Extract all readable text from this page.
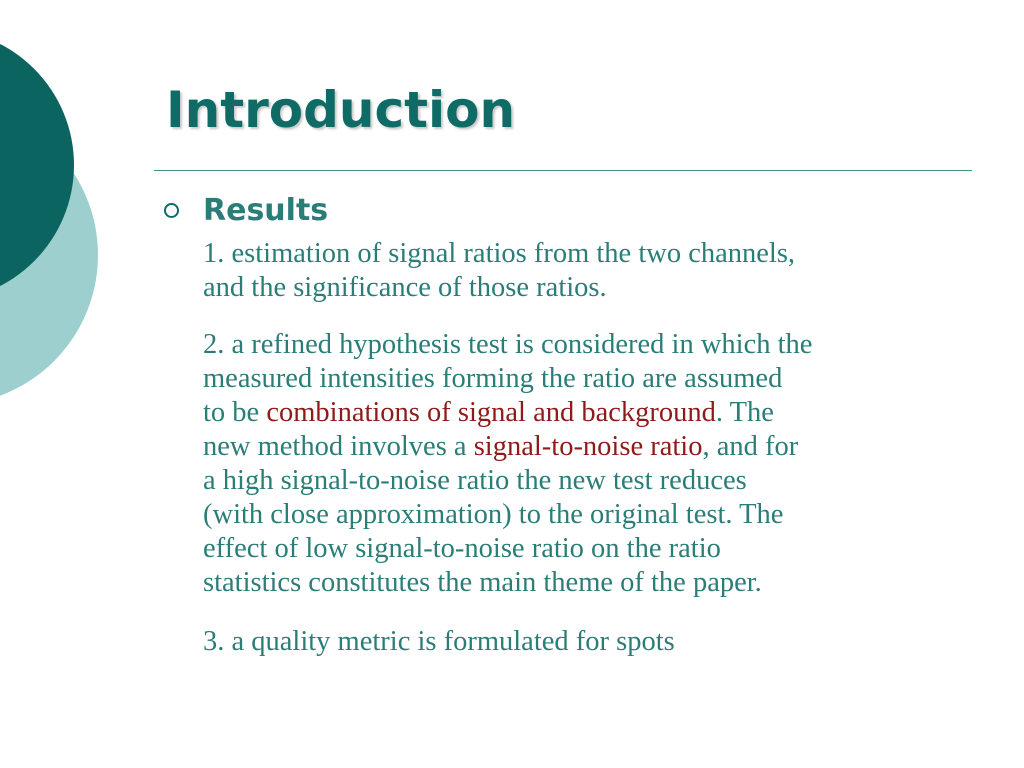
Introduction
Results

1. estimation of signal ratios from the two channels,
and the significance of those ratios.

2. a refined hypothesis test is considered in which the
measured intensities forming the ratio are assumed
to be combinations of signal and background. The
new method involves a signal-to-noise ratio, and for
a high signal-to-noise ratio the new test reduces
(with close approximation) to the original test. The
effect of low signal-to-noise ratio on the ratio
statistics constitutes the main theme of the paper.

3. a quality metric is formulated for spots
